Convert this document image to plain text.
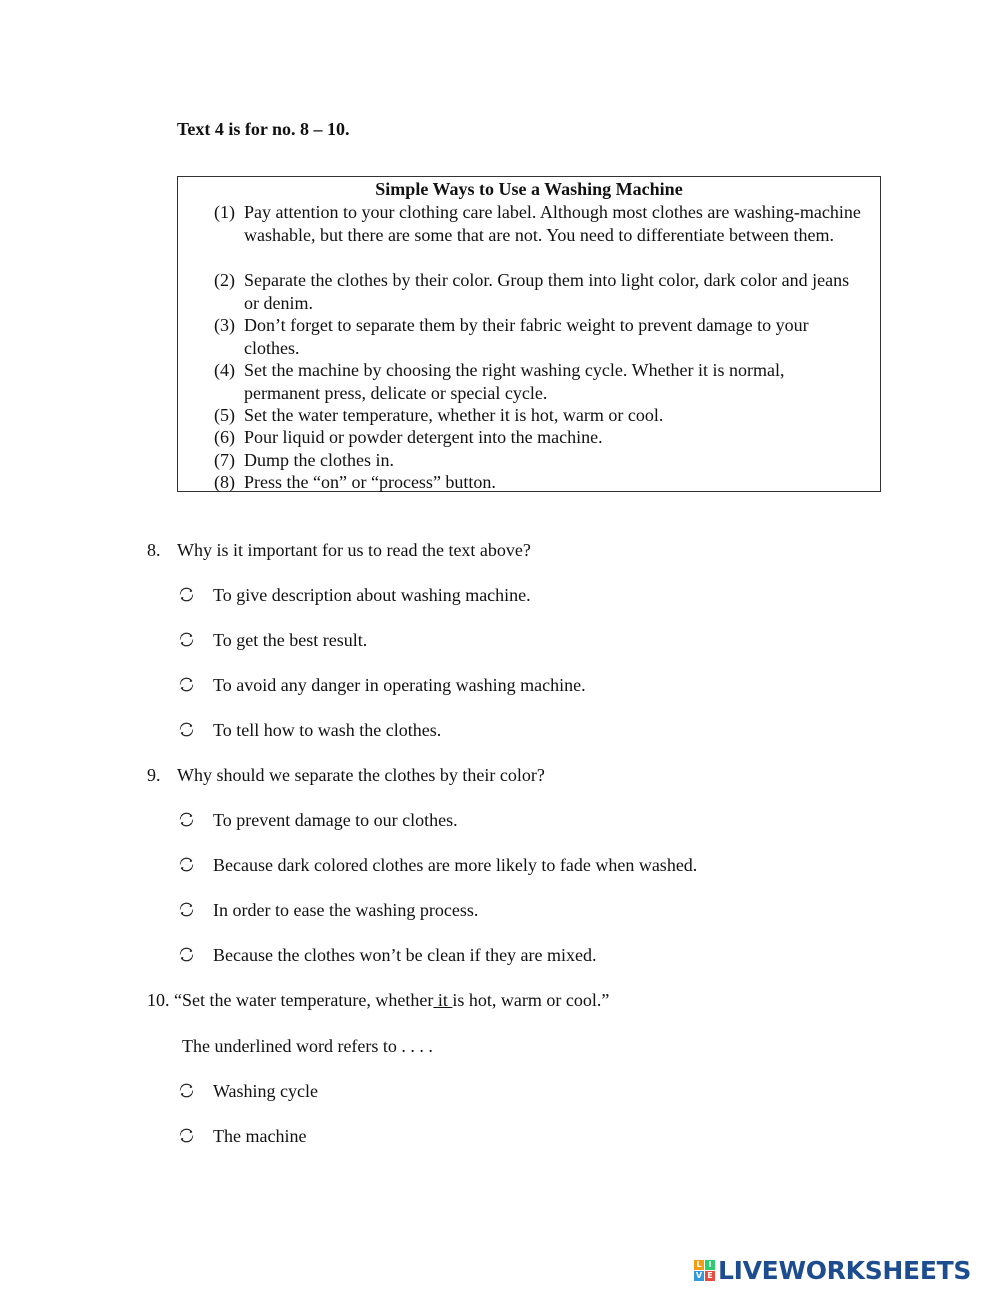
Text 4 is for no. 8 – 10.
Simple Ways to Use a Washing Machine
(1) Pay attention to your clothing care label. Although most clothes are washing-machine washable, but there are some that are not. You need to differentiate between them.
(2) Separate the clothes by their color. Group them into light color, dark color and jeans or denim.
(3) Don’t forget to separate them by their fabric weight to prevent damage to your clothes.
(4) Set the machine by choosing the right washing cycle. Whether it is normal, permanent press, delicate or special cycle.
(5) Set the water temperature, whether it is hot, warm or cool.
(6) Pour liquid or powder detergent into the machine.
(7) Dump the clothes in.
(8) Press the “on” or “process” button.
8. Why is it important for us to read the text above?
To give description about washing machine.
To get the best result.
To avoid any danger in operating washing machine.
To tell how to wash the clothes.
9. Why should we separate the clothes by their color?
To prevent damage to our clothes.
Because dark colored clothes are more likely to fade when washed.
In order to ease the washing process.
Because the clothes won’t be clean if they are mixed.
10. “Set the water temperature, whether it is hot, warm or cool.”
The underlined word refers to . . . .
Washing cycle
The machine
L I
V E LIVEWORKSHEETS
